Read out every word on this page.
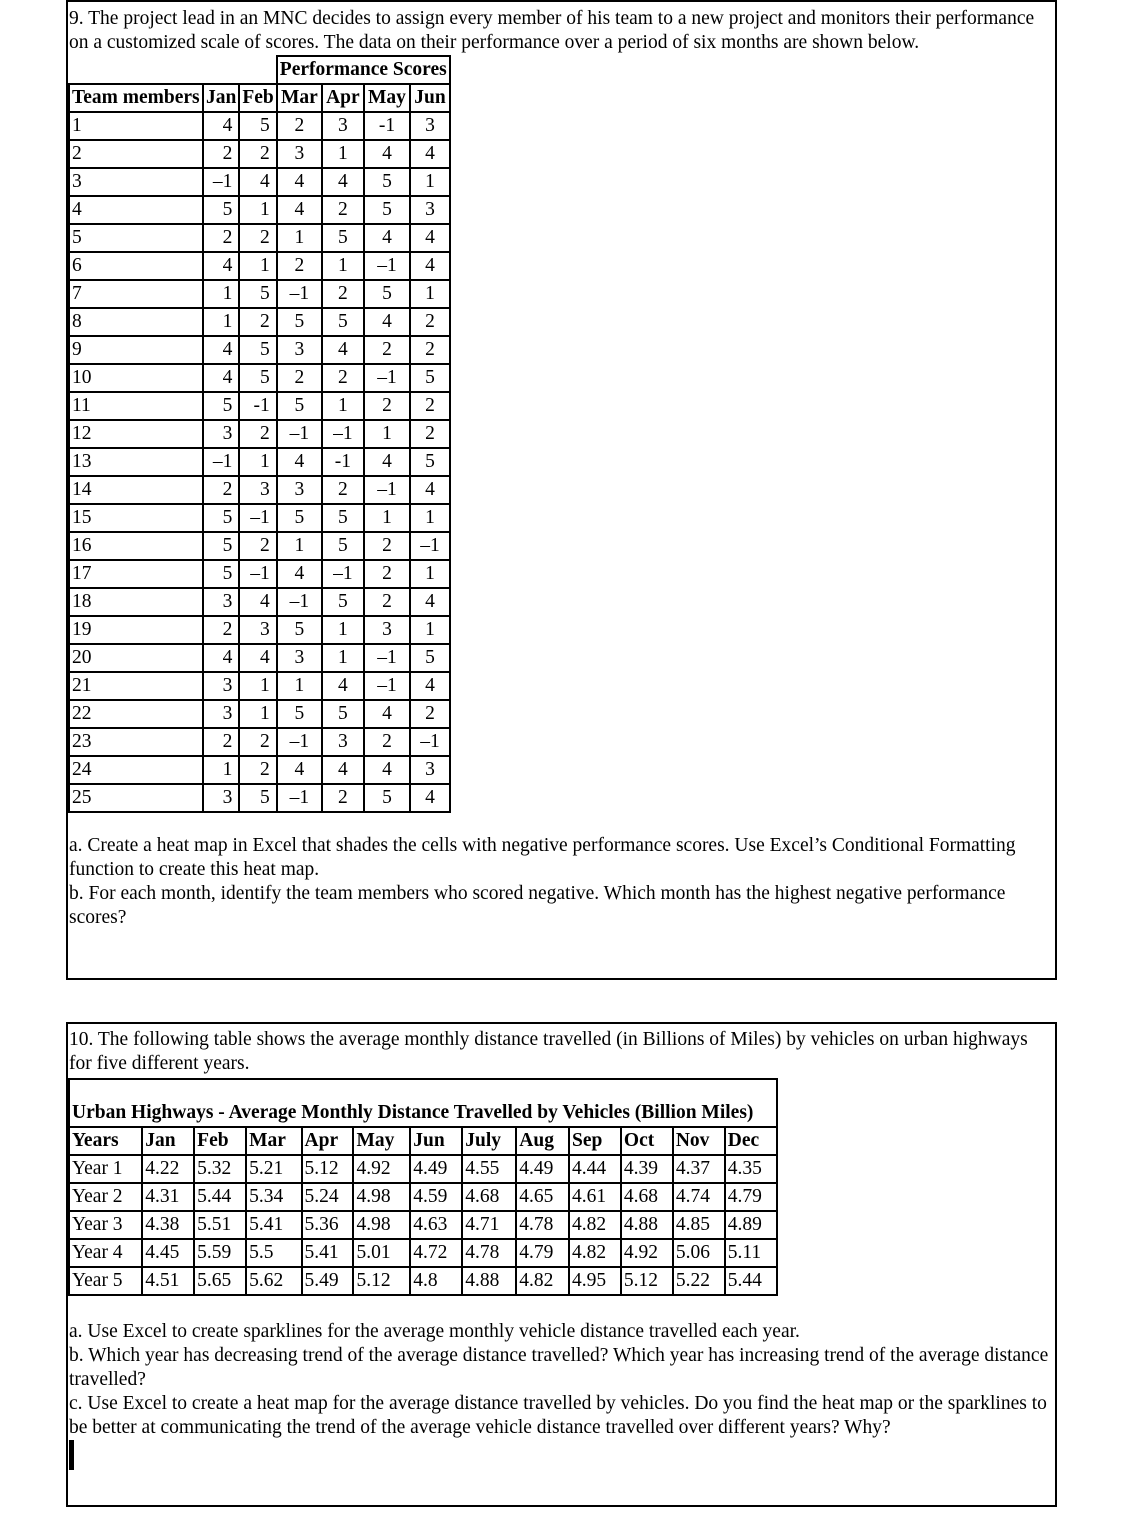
9. The project lead in an MNC decides to assign every member of his team to a new project and monitors their performance on a customized scale of scores. The data on their performance over a period of six months are shown below.

			Performance Scores			
Team members	Jan	Feb	Mar	Apr	May	Jun
1	4	5	2	3	-1	3
2	2	2	3	1	4	4
3	–1	4	4	4	5	1
4	5	1	4	2	5	3
5	2	2	1	5	4	4
6	4	1	2	1	–1	4
7	1	5	–1	2	5	1
8	1	2	5	5	4	2
9	4	5	3	4	2	2
10	4	5	2	2	–1	5
11	5	-1	5	1	2	2
12	3	2	–1	–1	1	2
13	–1	1	4	-1	4	5
14	2	3	3	2	–1	4
15	5	–1	5	5	1	1
16	5	2	1	5	2	–1
17	5	–1	4	–1	2	1
18	3	4	–1	5	2	4
19	2	3	5	1	3	1
20	4	4	3	1	–1	5
21	3	1	1	4	–1	4
22	3	1	5	5	4	2
23	2	2	–1	3	2	–1
24	1	2	4	4	4	3
25	3	5	–1	2	5	4

a. Create a heat map in Excel that shades the cells with negative performance scores. Use Excel’s Conditional Formatting function to create this heat map.

b. For each month, identify the team members who scored negative. Which month has the highest negative performance scores?

10. The following table shows the average monthly distance travelled (in Billions of Miles) by vehicles on urban highways for five different years.

Urban Highways - Average Monthly Distance Travelled by Vehicles (Billion Miles)												
Years	Jan	Feb	Mar	Apr	May	Jun	July	Aug	Sep	Oct	Nov	Dec
Year 1	4.22	5.32	5.21	5.12	4.92	4.49	4.55	4.49	4.44	4.39	4.37	4.35
Year 2	4.31	5.44	5.34	5.24	4.98	4.59	4.68	4.65	4.61	4.68	4.74	4.79
Year 3	4.38	5.51	5.41	5.36	4.98	4.63	4.71	4.78	4.82	4.88	4.85	4.89
Year 4	4.45	5.59	5.5	5.41	5.01	4.72	4.78	4.79	4.82	4.92	5.06	5.11
Year 5	4.51	5.65	5.62	5.49	5.12	4.8	4.88	4.82	4.95	5.12	5.22	5.44

a. Use Excel to create sparklines for the average monthly vehicle distance travelled each year.

b. Which year has decreasing trend of the average distance travelled? Which year has increasing trend of the average distance travelled?

c. Use Excel to create a heat map for the average distance travelled by vehicles. Do you find the heat map or the sparklines to be better at communicating the trend of the average vehicle distance travelled over different years? Why?
